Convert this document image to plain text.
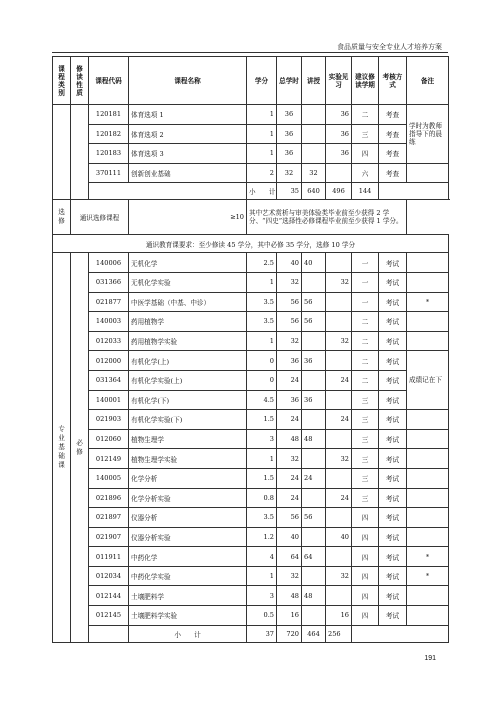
食品质量与安全专业人才培养方案
课程类别	修读性质	课程代码	课程名称	学分	总学时	讲授	实验见习	建议修读学期	考核方式	备注
		120181	体育选项 1	1	36		36	二	考查	学时为教师指导下的晨练
		120182	体育选项 2	1	36		36	三	考查	
		120183	体育选项 3	1	36		36	四	考查	
		370111	创新创业基础	2	32	32		六	考查	
				小　　计	35	640	496	144		
选修	通识选修课程		≥10	其中艺术赏析与审美体验类毕业前至少获得 2 学分、“四史”选择性必修课程毕业前至少获得 1 学分。						
通识教育课要求：至少修读 45 学分，其中必修 35 学分，选修 10 学分										
专业基础课	必修	140006	无机化学	2.5	40	40		一	考试	
		031366	无机化学实验	1	32		32	一	考试	
		021877	中医学基础（中基、中诊）	3.5	56	56		一	考试	*
		140003	药用植物学	3.5	56	56		二	考试	
		012033	药用植物学实验	1	32		32	二	考试	
		012000	有机化学(上)	0	36	36		二	考试	成绩记在下
		031364	有机化学实验(上)	0	24		24	二	考试	
		140001	有机化学(下)	4.5	36	36		三	考试	
		021903	有机化学实验(下)	1.5	24		24	三	考试	
		012060	植物生理学	3	48	48		三	考试	
		012149	植物生理学实验	1	32		32	三	考试	
		140005	化学分析	1.5	24	24		三	考试	
		021896	化学分析实验	0.8	24		24	三	考试	
		021897	仪器分析	3.5	56	56		四	考试	
		021907	仪器分析实验	1.2	40		40	四	考试	
		011911	中药化学	4	64	64		四	考试	*
		012034	中药化学实验	1	32		32	四	考试	*
		012144	土壤肥料学	3	48	48		四	考试	
		012145	土壤肥料学实验	0.5	16		16	四	考试	
			小　　计	37	720	464	256			
191
